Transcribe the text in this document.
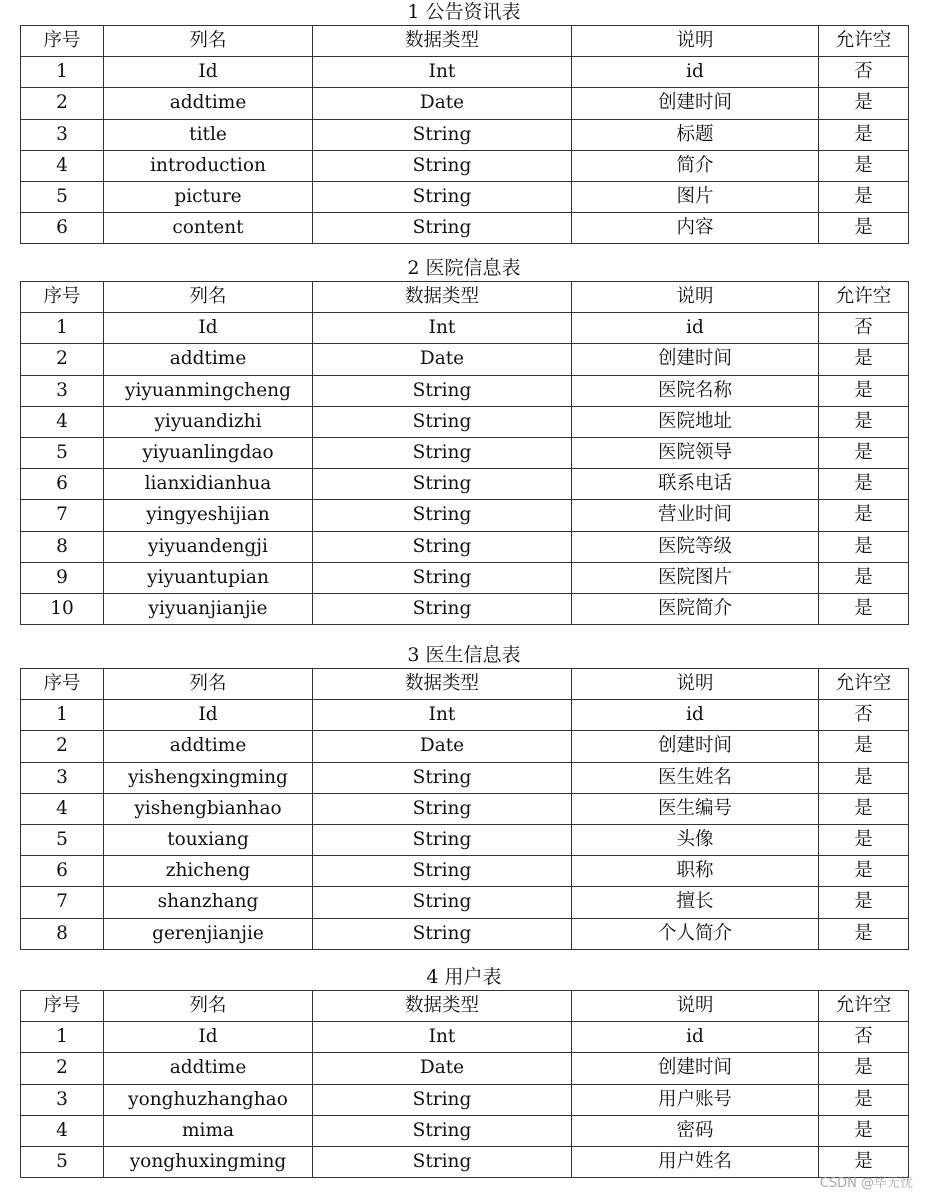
1 公告资讯表
序号	列名	数据类型	说明	允许空
1	Id	Int	id	否
2	addtime	Date	创建时间	是
3	title	String	标题	是
4	introduction	String	简介	是
5	picture	String	图片	是
6	content	String	内容	是
2 医院信息表
序号	列名	数据类型	说明	允许空
1	Id	Int	id	否
2	addtime	Date	创建时间	是
3	yiyuanmingcheng	String	医院名称	是
4	yiyuandizhi	String	医院地址	是
5	yiyuanlingdao	String	医院领导	是
6	lianxidianhua	String	联系电话	是
7	yingyeshijian	String	营业时间	是
8	yiyuandengji	String	医院等级	是
9	yiyuantupian	String	医院图片	是
10	yiyuanjianjie	String	医院简介	是
3 医生信息表
序号	列名	数据类型	说明	允许空
1	Id	Int	id	否
2	addtime	Date	创建时间	是
3	yishengxingming	String	医生姓名	是
4	yishengbianhao	String	医生编号	是
5	touxiang	String	头像	是
6	zhicheng	String	职称	是
7	shanzhang	String	擅长	是
8	gerenjianjie	String	个人简介	是
4 用户表
序号	列名	数据类型	说明	允许空
1	Id	Int	id	否
2	addtime	Date	创建时间	是
3	yonghuzhanghao	String	用户账号	是
4	mima	String	密码	是
5	yonghuxingming	String	用户姓名	是
CSDN @毕无忧
